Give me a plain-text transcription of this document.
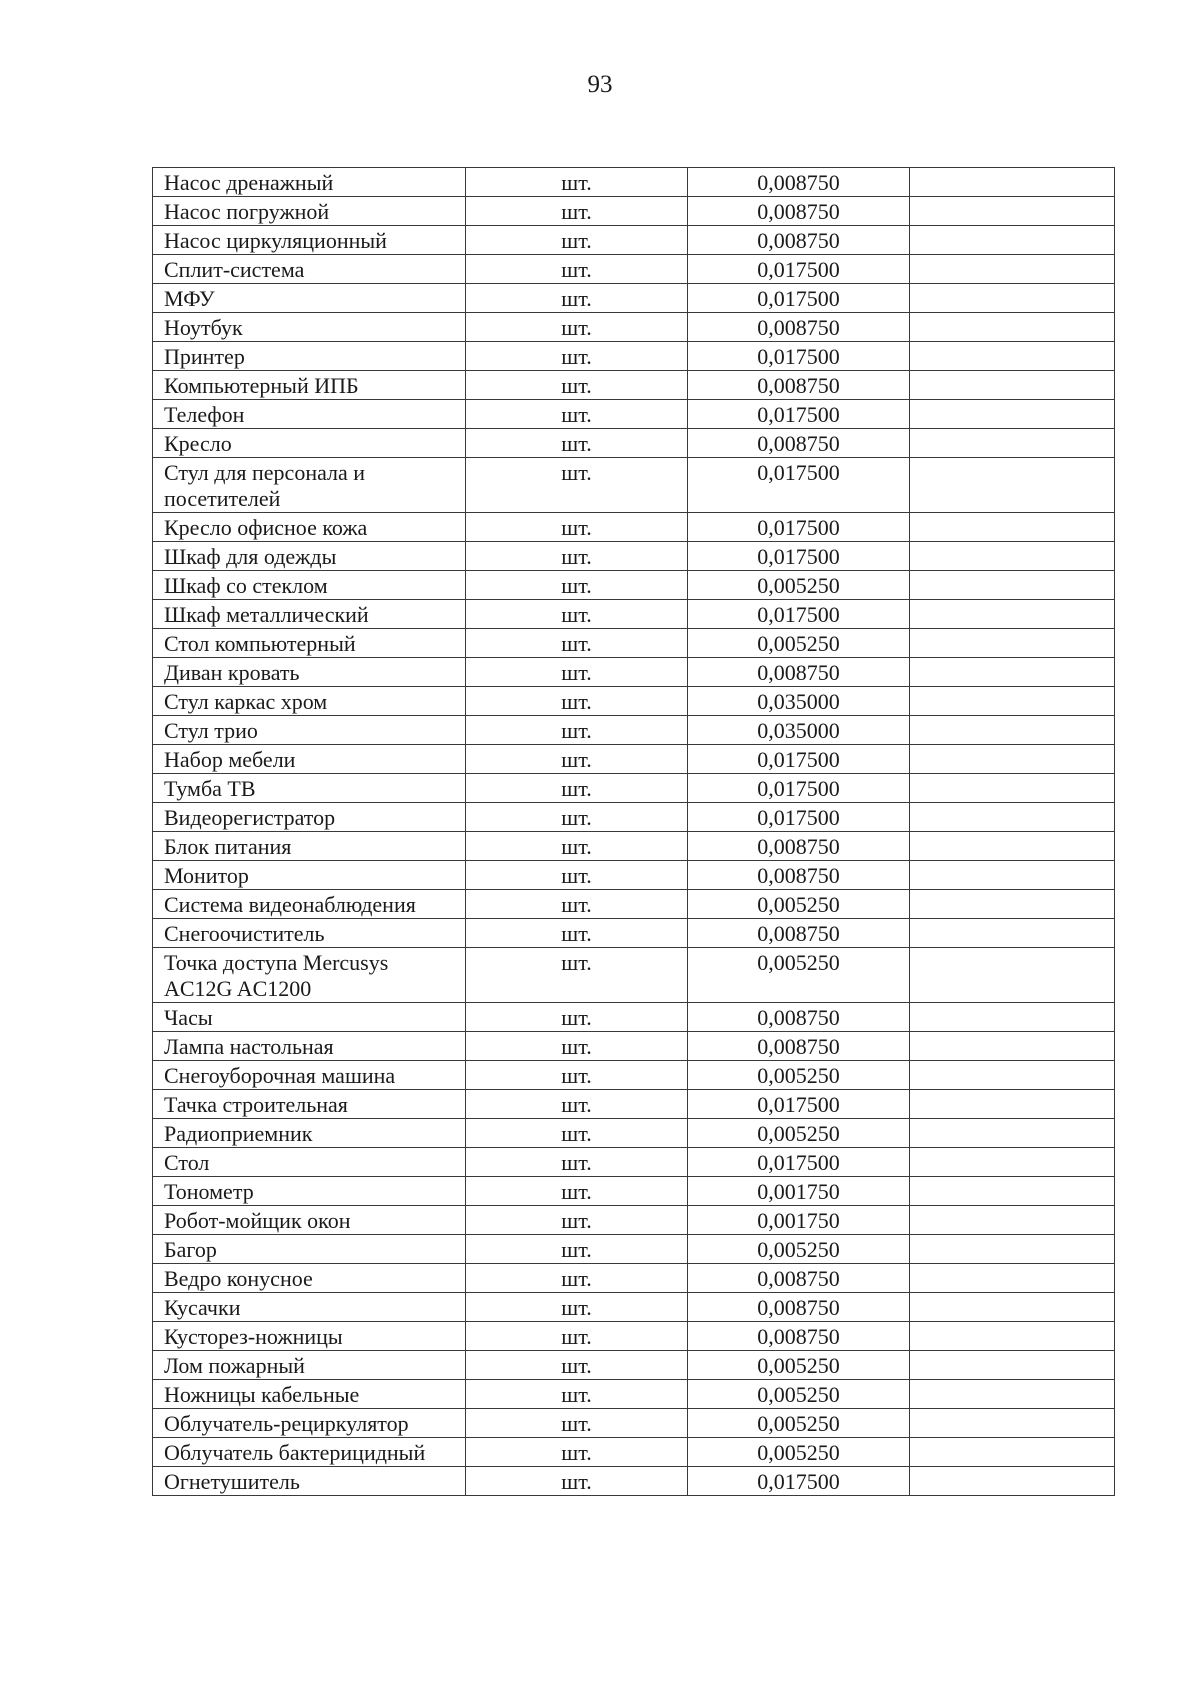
93
Насос дренажный	шт.	0,008750	
Насос погружной	шт.	0,008750	
Насос циркуляционный	шт.	0,008750	
Сплит-система	шт.	0,017500	
МФУ	шт.	0,017500	
Ноутбук	шт.	0,008750	
Принтер	шт.	0,017500	
Компьютерный ИПБ	шт.	0,008750	
Телефон	шт.	0,017500	
Кресло	шт.	0,008750	
Стул для персонала и посетителей	шт.	0,017500	
Кресло офисное кожа	шт.	0,017500	
Шкаф для одежды	шт.	0,017500	
Шкаф со стеклом	шт.	0,005250	
Шкаф металлический	шт.	0,017500	
Стол компьютерный	шт.	0,005250	
Диван кровать	шт.	0,008750	
Стул каркас хром	шт.	0,035000	
Стул трио	шт.	0,035000	
Набор мебели	шт.	0,017500	
Тумба ТВ	шт.	0,017500	
Видеорегистратор	шт.	0,017500	
Блок питания	шт.	0,008750	
Монитор	шт.	0,008750	
Система видеонаблюдения	шт.	0,005250	
Снегоочиститель	шт.	0,008750	
Точка доступа Mercusys AC12G AC1200	шт.	0,005250	
Часы	шт.	0,008750	
Лампа настольная	шт.	0,008750	
Снегоуборочная машина	шт.	0,005250	
Тачка строительная	шт.	0,017500	
Радиоприемник	шт.	0,005250	
Стол	шт.	0,017500	
Тонометр	шт.	0,001750	
Робот-мойщик окон	шт.	0,001750	
Багор	шт.	0,005250	
Ведро конусное	шт.	0,008750	
Кусачки	шт.	0,008750	
Кусторез-ножницы	шт.	0,008750	
Лом пожарный	шт.	0,005250	
Ножницы кабельные	шт.	0,005250	
Облучатель-рециркулятор	шт.	0,005250	
Облучатель бактерицидный	шт.	0,005250	
Огнетушитель	шт.	0,017500	
